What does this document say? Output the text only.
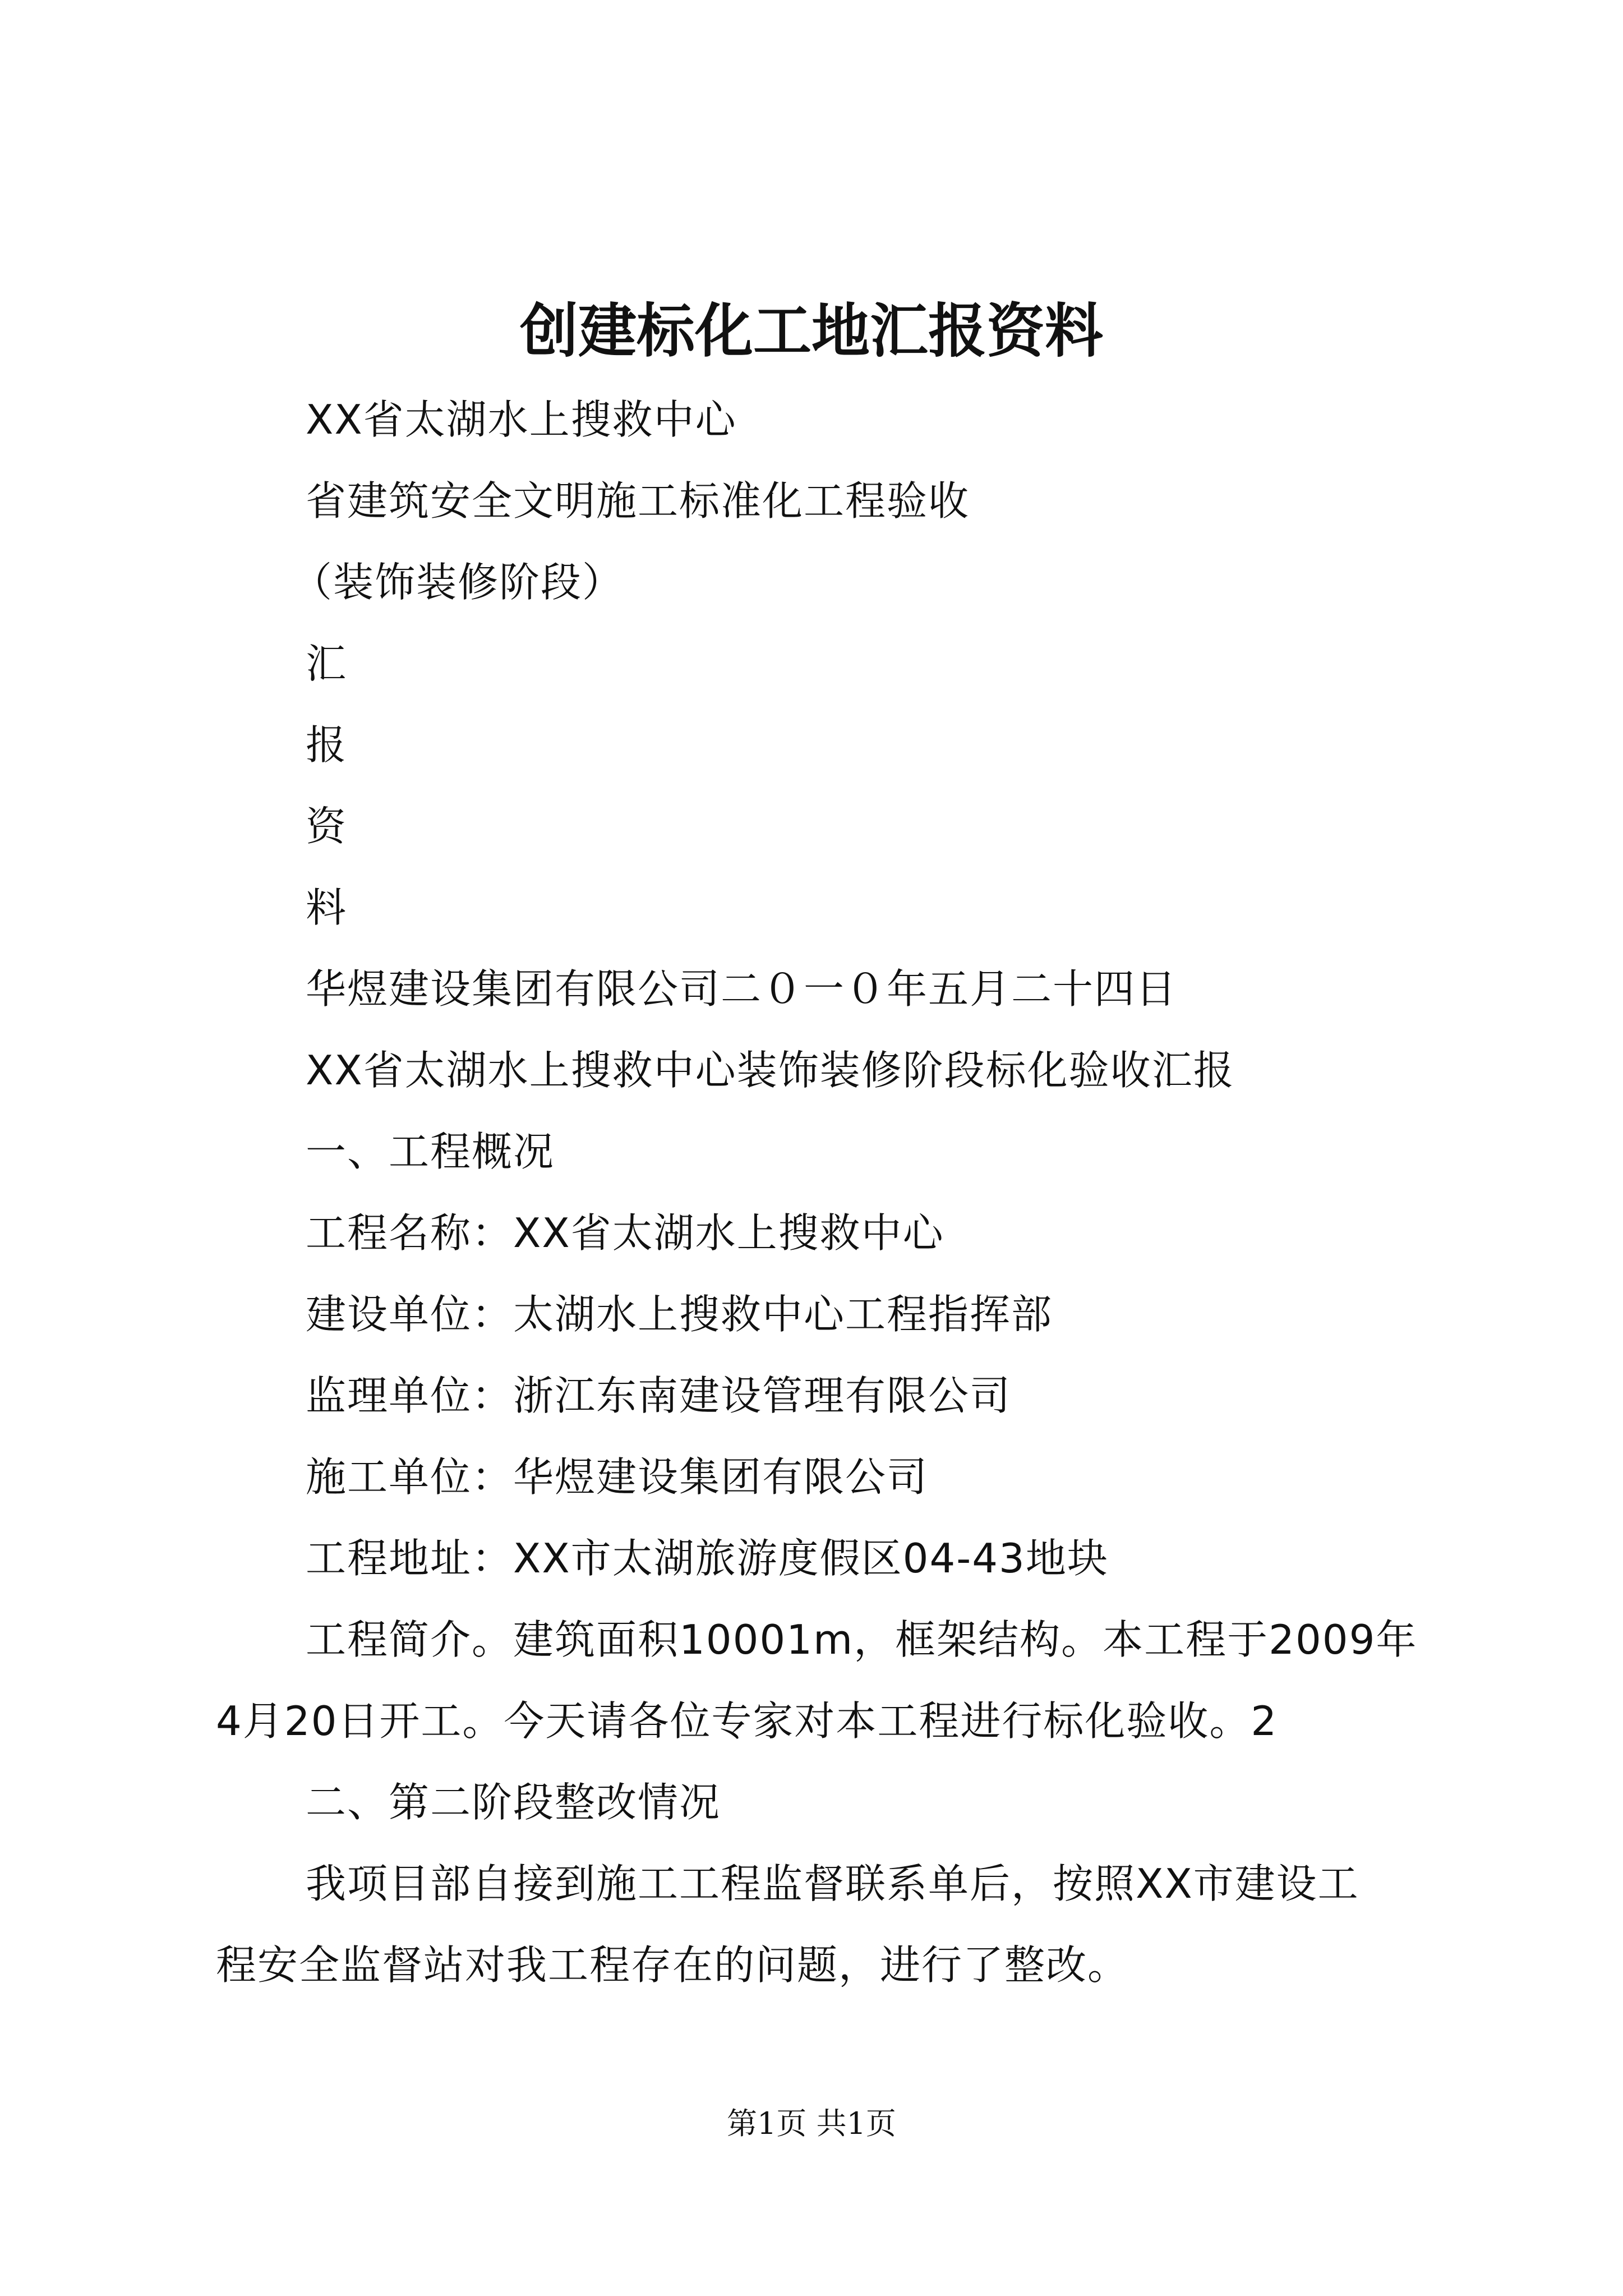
创建标化工地汇报资料
XX省太湖水上搜救中心
省建筑安全文明施工标准化工程验收
（装饰装修阶段）
汇
报
资
料
华煜建设集团有限公司二０一０年五月二十四日
XX省太湖水上搜救中心装饰装修阶段标化验收汇报
一、工程概况
工程名称：XX省太湖水上搜救中心
建设单位：太湖水上搜救中心工程指挥部
监理单位：浙江东南建设管理有限公司
施工单位：华煜建设集团有限公司
工程地址：XX市太湖旅游度假区04-43地块
工程简介。建筑面积10001m，框架结构。本工程于2009年
4月20日开工。今天请各位专家对本工程进行标化验收。2
二、第二阶段整改情况
我项目部自接到施工工程监督联系单后，按照XX市建设工
程安全监督站对我工程存在的问题，进行了整改。
第1页 共1页
